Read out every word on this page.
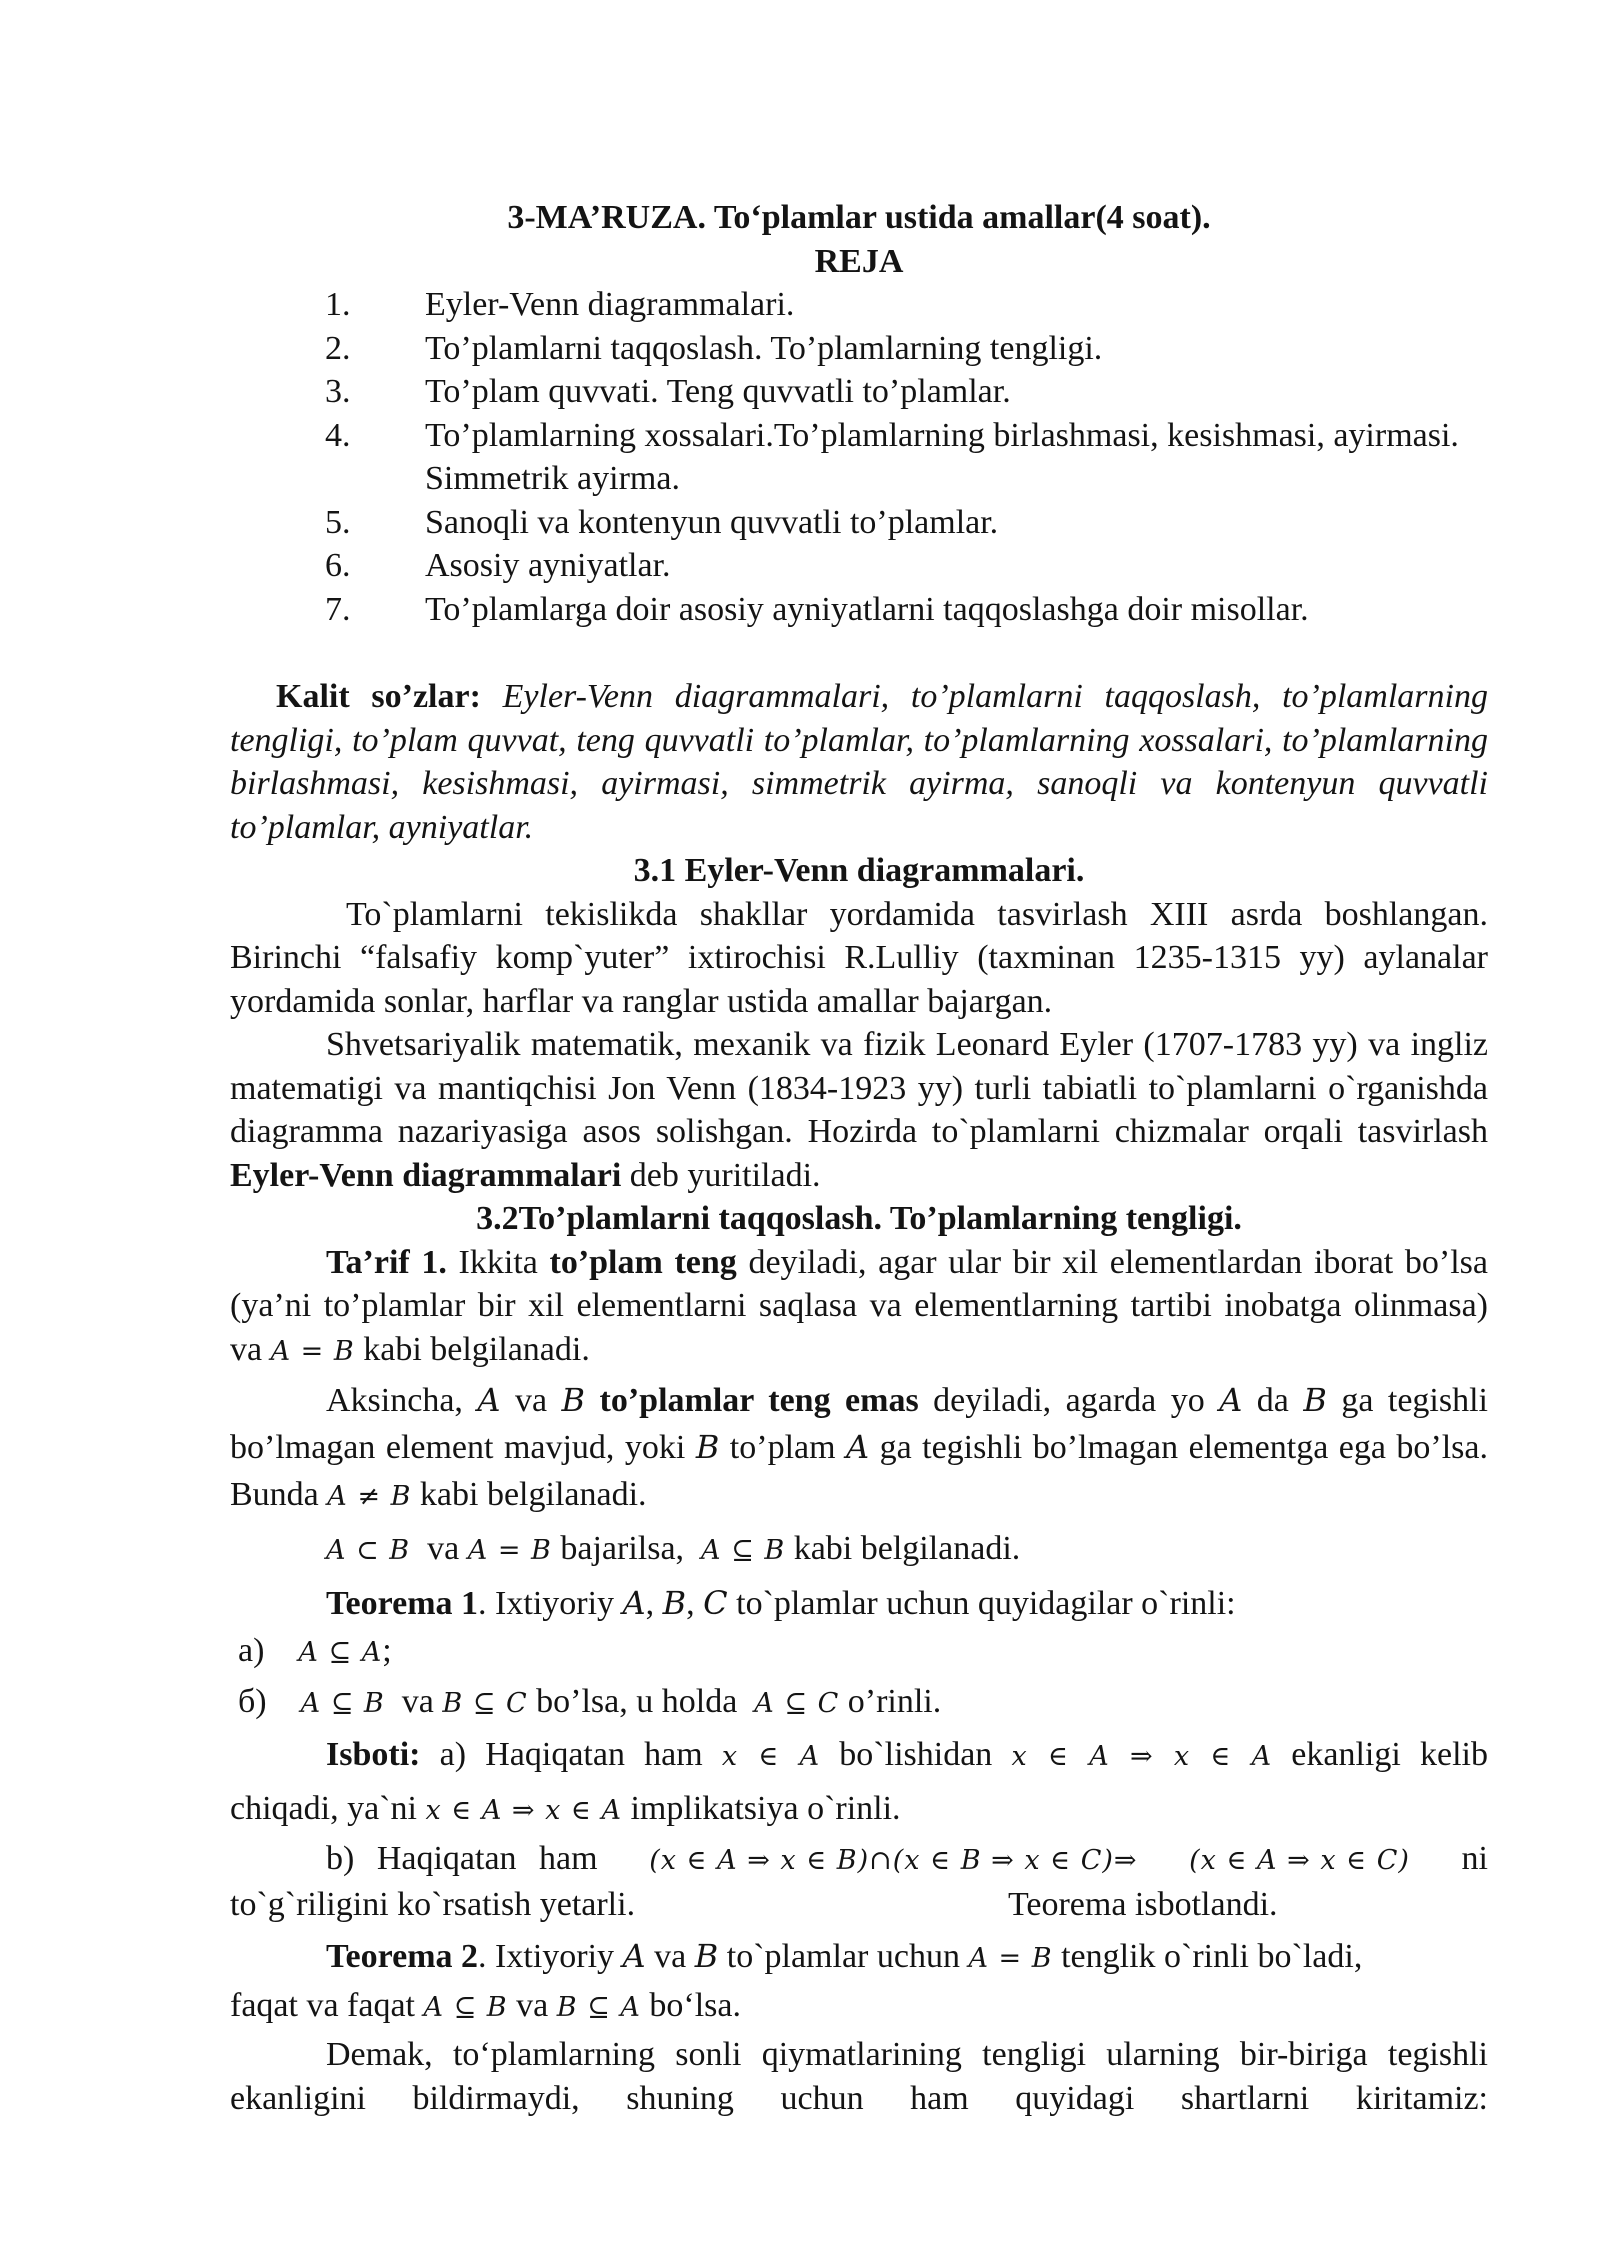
3-MA’RUZA. To‘plamlar ustida amallar(4 soat).
REJA
1.	Eyler-Venn diagrammalari.
2.	To’plamlarni taqqoslash. To’plamlarning tengligi.
3.	To’plam quvvati. Teng quvvatli to’plamlar.
4.	To’plamlarning xossalari.To’plamlarning birlashmasi, kesishmasi, ayirmasi. Simmetrik ayirma.
5.	Sanoqli va kontenyun quvvatli to’plamlar.
6.	Asosiy ayniyatlar.
7.	To’plamlarga doir asosiy ayniyatlarni taqqoslashga doir misollar.

Kalit so’zlar: Eyler-Venn diagrammalari, to’plamlarni taqqoslash, to’plamlarning tengligi, to’plam quvvat, teng quvvatli to’plamlar, to’plamlarning xossalari, to’plamlarning birlashmasi, kesishmasi, ayirmasi, simmetrik ayirma, sanoqli va kontenyun quvvatli to’plamlar, ayniyatlar.

3.1 Eyler-Venn diagrammalari.

To`plamlarni tekislikda shakllar yordamida tasvirlash XIII asrda boshlangan. Birinchi “falsafiy komp`yuter” ixtirochisi R.Lulliy (taxminan 1235-1315 yy) aylanalar yordamida sonlar, harflar va ranglar ustida amallar bajargan.

Shvetsariyalik matematik, mexanik va fizik Leonard Eyler (1707-1783 yy) va ingliz matematigi va mantiqchisi Jon Venn (1834-1923 yy) turli tabiatli to`plamlarni o`rganishda diagramma nazariyasiga asos solishgan. Hozirda to`plamlarni chizmalar orqali tasvirlash Eyler-Venn diagrammalari deb yuritiladi.

3.2To’plamlarni taqqoslash. To’plamlarning tengligi.

Ta’rif 1. Ikkita to’plam teng deyiladi, agar ular bir xil elementlardan iborat bo’lsa (ya’ni to’plamlar bir xil elementlarni saqlasa va elementlarning tartibi inobatga olinmasa) va A = B kabi belgilanadi.

Aksincha, A va B to’plamlar teng emas deyiladi, agarda yo A da B ga tegishli bo’lmagan element mavjud, yoki B to’plam A ga tegishli bo’lmagan elementga ega bo’lsa. Bunda A ≠ B kabi belgilanadi.

A ⊂ B va A = B bajarilsa, A ⊆ B kabi belgilanadi.

Teorema 1. Ixtiyoriy A, B, C to`plamlar uchun quyidagilar o`rinli:

a) A ⊆ A;

б) A ⊆ B va B ⊆ C bo’lsa, u holda A ⊆ C o’rinli.

Isboti: a) Haqiqatan ham x ∈ A bo`lishidan x ∈ A ⇒ x ∈ A ekanligi kelib

chiqadi, ya`ni x ∈ A ⇒ x ∈ A implikatsiya o`rinli.

b) Haqiqatan ham (x ∈ A ⇒ x ∈ B)∩(x ∈ B ⇒ x ∈ C)⇒ (x ∈ A ⇒ x ∈ C) ni
to`g`riligini ko`rsatish yetarli.	Teorema isbotlandi.

Teorema 2. Ixtiyoriy A va B to`plamlar uchun A = B tenglik o`rinli bo`ladi,
faqat va faqat A ⊆ B va B ⊆ A bo‘lsa.

Demak, to‘plamlarning sonli qiymatlarining tengligi ularning bir-biriga tegishli ekanligini bildirmaydi, shuning uchun ham quyidagi shartlarni kiritamiz:
